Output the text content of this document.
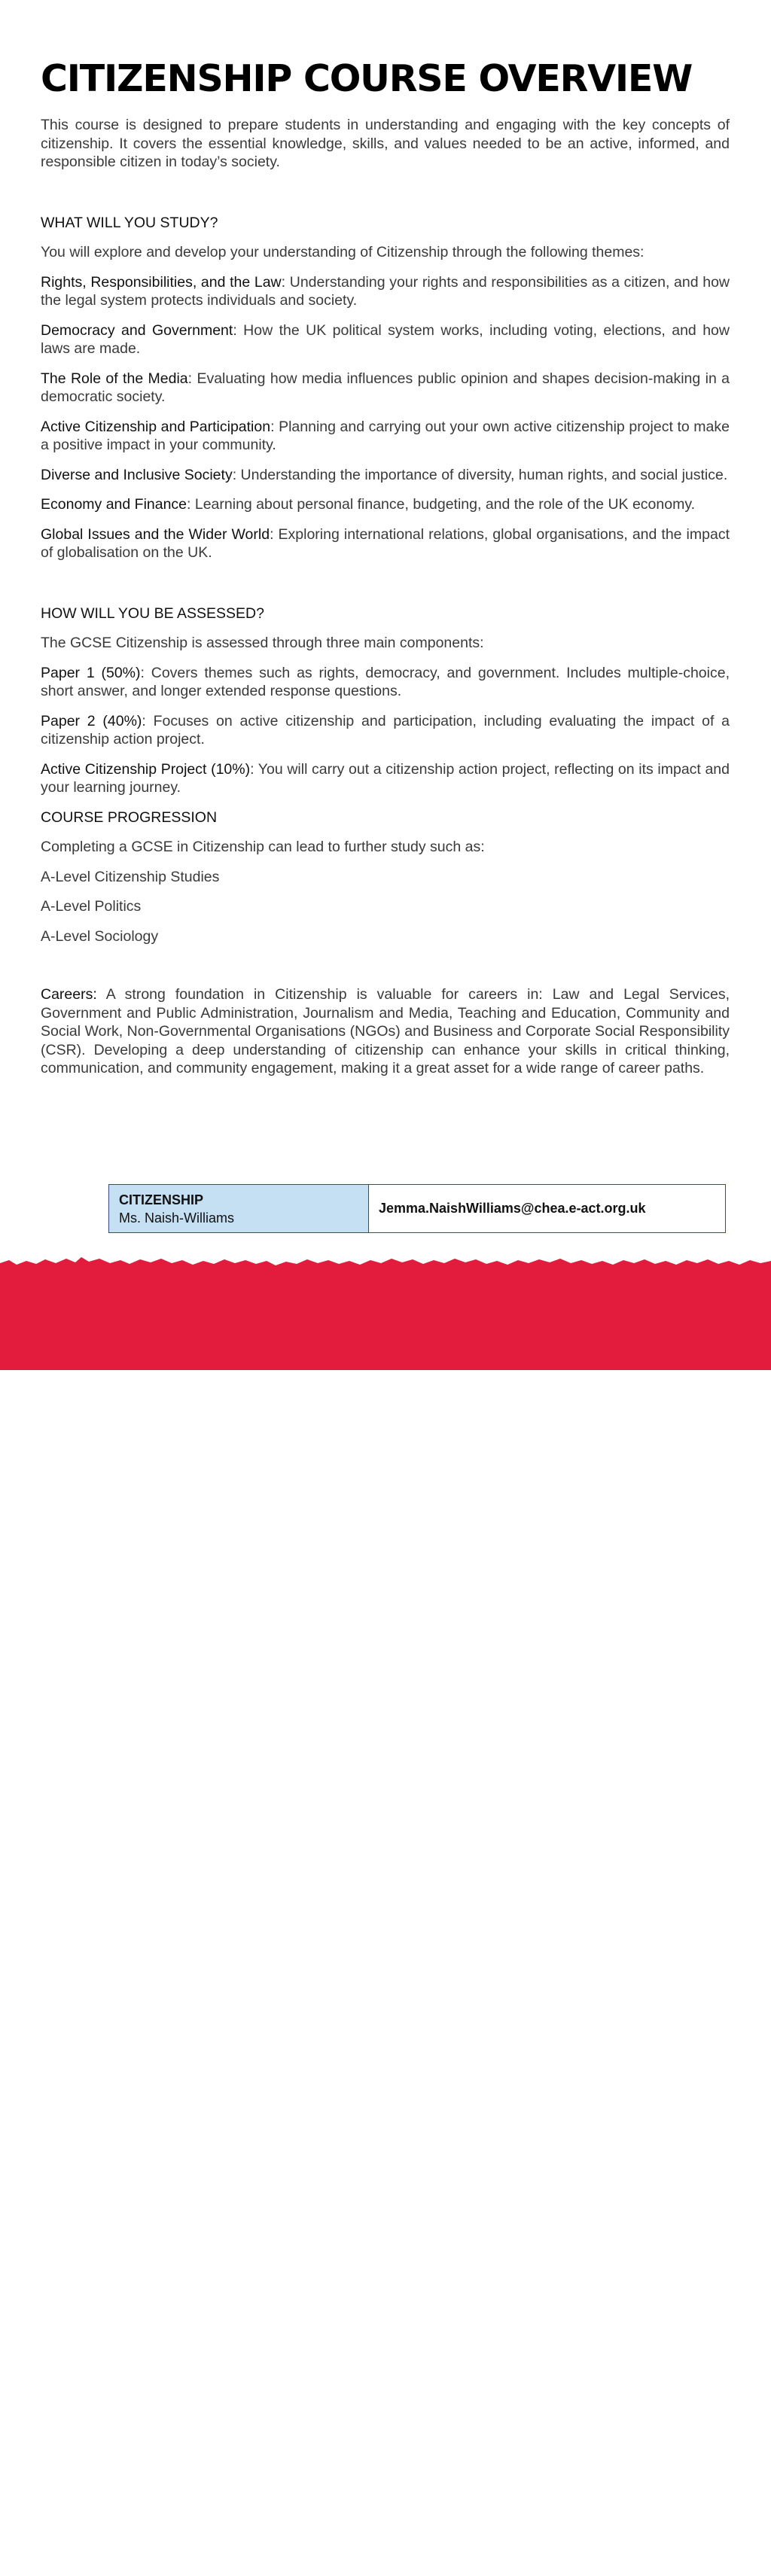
CITIZENSHIP COURSE OVERVIEW

This course is designed to prepare students in understanding and engaging with the key concepts of citizenship. It covers the essential knowledge, skills, and values needed to be an active, informed, and responsible citizen in today’s society.

WHAT WILL YOU STUDY?

You will explore and develop your understanding of Citizenship through the following themes:

Rights, Responsibilities, and the Law: Understanding your rights and responsibilities as a citizen, and how the legal system protects individuals and society.

Democracy and Government: How the UK political system works, including voting, elections, and how laws are made.

The Role of the Media: Evaluating how media influences public opinion and shapes decision-making in a democratic society.

Active Citizenship and Participation: Planning and carrying out your own active citizenship project to make a positive impact in your community.

Diverse and Inclusive Society: Understanding the importance of diversity, human rights, and social justice.

Economy and Finance: Learning about personal finance, budgeting, and the role of the UK economy.

Global Issues and the Wider World: Exploring international relations, global organisations, and the impact of globalisation on the UK.

HOW WILL YOU BE ASSESSED?

The GCSE Citizenship is assessed through three main components:

Paper 1 (50%): Covers themes such as rights, democracy, and government. Includes multiple-choice, short answer, and longer extended response questions.

Paper 2 (40%): Focuses on active citizenship and participation, including evaluating the impact of a citizenship action project.

Active Citizenship Project (10%): You will carry out a citizenship action project, reflecting on its impact and your learning journey.

COURSE PROGRESSION

Completing a GCSE in Citizenship can lead to further study such as:

A-Level Citizenship Studies

A-Level Politics

A-Level Sociology

Careers: A strong foundation in Citizenship is valuable for careers in: Law and Legal Services, Government and Public Administration, Journalism and Media, Teaching and Education, Community and Social Work, Non-Governmental Organisations (NGOs) and Business and Corporate Social Responsibility (CSR). Developing a deep understanding of citizenship can enhance your skills in critical thinking, communication, and community engagement, making it a great asset for a wide range of career paths.

CITIZENSHIP
Ms. Naish-Williams
Jemma.NaishWilliams@chea.e-act.org.uk
E-ACT CITY HEIGHTS ACADEMY	17
